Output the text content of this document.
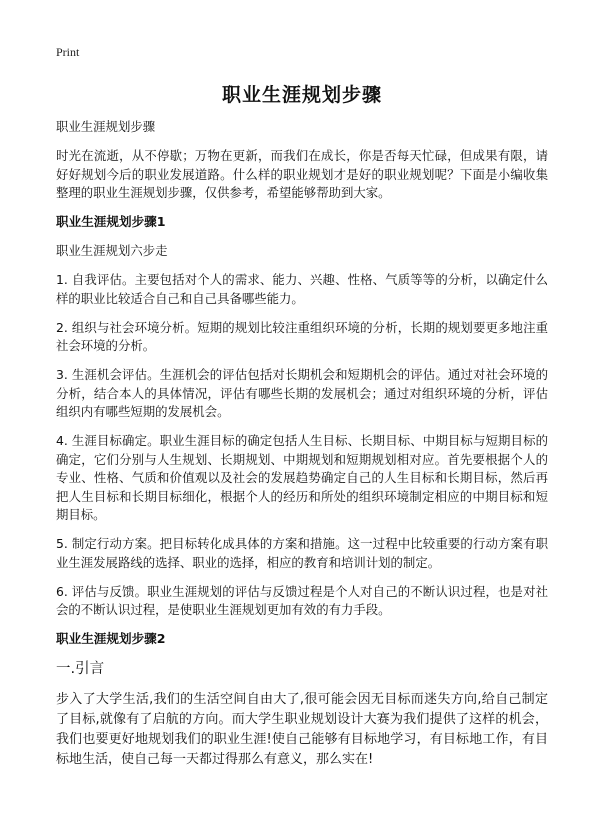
Print
职业生涯规划步骤

职业生涯规划步骤

时光在流逝，从不停歇；万物在更新，而我们在成长，你是否每天忙碌，但成果有限，请好好规划今后的职业发展道路。什么样的职业规划才是好的职业规划呢？下面是小编收集整理的职业生涯规划步骤，仅供参考，希望能够帮助到大家。

职业生涯规划步骤1

职业生涯规划六步走

1. 自我评估。主要包括对个人的需求、能力、兴趣、性格、气质等等的分析，以确定什么样的职业比较适合自己和自己具备哪些能力。

2. 组织与社会环境分析。短期的规划比较注重组织环境的分析，长期的规划要更多地注重社会环境的分析。

3. 生涯机会评估。生涯机会的评估包括对长期机会和短期机会的评估。通过对社会环境的分析，结合本人的具体情况，评估有哪些长期的发展机会；通过对组织环境的分析，评估组织内有哪些短期的发展机会。

4. 生涯目标确定。职业生涯目标的确定包括人生目标、长期目标、中期目标与短期目标的确定，它们分别与人生规划、长期规划、中期规划和短期规划相对应。首先要根据个人的专业、性格、气质和价值观以及社会的发展趋势确定自己的人生目标和长期目标，然后再把人生目标和长期目标细化，根据个人的经历和所处的组织环境制定相应的中期目标和短期目标。

5. 制定行动方案。把目标转化成具体的方案和措施。这一过程中比较重要的行动方案有职业生涯发展路线的选择、职业的选择，相应的教育和培训计划的制定。

6. 评估与反馈。职业生涯规划的评估与反馈过程是个人对自己的不断认识过程，也是对社会的不断认识过程，是使职业生涯规划更加有效的有力手段。

职业生涯规划步骤2
一.引言

步入了大学生活,我们的生活空间自由大了,很可能会因无目标而迷失方向,给自己制定了目标,就像有了启航的方向。而大学生职业规划设计大赛为我们提供了这样的机会，我们也要更好地规划我们的职业生涯!使自己能够有目标地学习，有目标地工作，有目标地生活，使自己每一天都过得那么有意义，那么实在!
